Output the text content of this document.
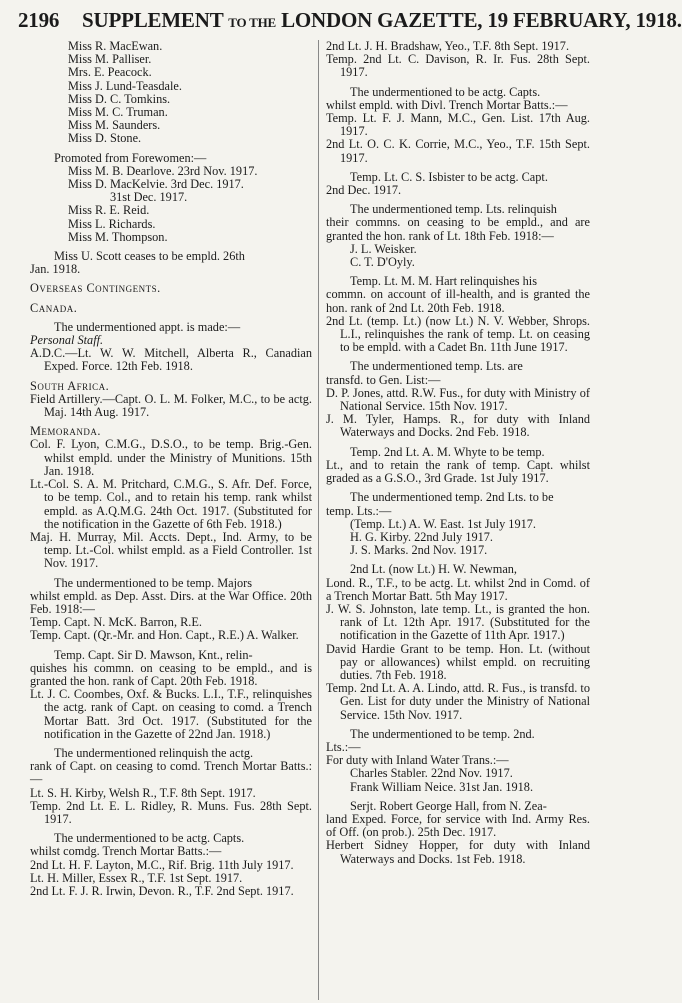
2196 SUPPLEMENT TO THE LONDON GAZETTE, 19 FEBRUARY, 1918.

Miss R. MacEwan.

Miss M. Palliser.

Mrs. E. Peacock.

Miss J. Lund-Teasdale.

Miss D. C. Tomkins.

Miss M. C. Truman.

Miss M. Saunders.

Miss D. Stone.

Promoted from Forewomen:—

Miss M. B. Dearlove. 23rd Nov. 1917.

Miss D. MacKelvie. 3rd Dec. 1917.

31st Dec. 1917.

Miss R. E. Reid.

Miss L. Richards.

Miss M. Thompson.

Miss U. Scott ceases to be empld. 26th

Jan. 1918.

Overseas Contingents.

Canada.

The undermentioned appt. is made:—

Personal Staff.

A.D.C.—Lt. W. W. Mitchell, Alberta R., Canadian Exped. Force. 12th Feb. 1918.

South Africa.

Field Artillery.—Capt. O. L. M. Folker, M.C., to be actg. Maj. 14th Aug. 1917.

Memoranda.

Col. F. Lyon, C.M.G., D.S.O., to be temp. Brig.-Gen. whilst empld. under the Ministry of Munitions. 15th Jan. 1918.

Lt.-Col. S. A. M. Pritchard, C.M.G., S. Afr. Def. Force, to be temp. Col., and to retain his temp. rank whilst empld. as A.Q.M.G. 24th Oct. 1917. (Substituted for the notification in the Gazette of 6th Feb. 1918.)

Maj. H. Murray, Mil. Accts. Dept., Ind. Army, to be temp. Lt.-Col. whilst empld. as a Field Controller. 1st Nov. 1917.

The undermentioned to be temp. Majors

whilst empld. as Dep. Asst. Dirs. at the War Office. 20th Feb. 1918:—

Temp. Capt. N. McK. Barron, R.E.

Temp. Capt. (Qr.-Mr. and Hon. Capt., R.E.) A. Walker.

Temp. Capt. Sir D. Mawson, Knt., relin-

quishes his commn. on ceasing to be empld., and is granted the hon. rank of Capt. 20th Feb. 1918.

Lt. J. C. Coombes, Oxf. & Bucks. L.I., T.F., relinquishes the actg. rank of Capt. on ceasing to comd. a Trench Mortar Batt. 3rd Oct. 1917. (Substituted for the notification in the Gazette of 22nd Jan. 1918.)

The undermentioned relinquish the actg.

rank of Capt. on ceasing to comd. Trench Mortar Batts.:—

Lt. S. H. Kirby, Welsh R., T.F. 8th Sept. 1917.

Temp. 2nd Lt. E. L. Ridley, R. Muns. Fus. 28th Sept. 1917.

The undermentioned to be actg. Capts.

whilst comdg. Trench Mortar Batts.:—

2nd Lt. H. F. Layton, M.C., Rif. Brig. 11th July 1917.

Lt. H. Miller, Essex R., T.F. 1st Sept. 1917.

2nd Lt. F. J. R. Irwin, Devon. R., T.F. 2nd Sept. 1917.

2nd Lt. J. H. Bradshaw, Yeo., T.F. 8th Sept. 1917.

Temp. 2nd Lt. C. Davison, R. Ir. Fus. 28th Sept. 1917.

The undermentioned to be actg. Capts.

whilst empld. with Divl. Trench Mortar Batts.:—

Temp. Lt. F. J. Mann, M.C., Gen. List. 17th Aug. 1917.

2nd Lt. O. C. K. Corrie, M.C., Yeo., T.F. 15th Sept. 1917.

Temp. Lt. C. S. Isbister to be actg. Capt.

2nd Dec. 1917.

The undermentioned temp. Lts. relinquish

their commns. on ceasing to be empld., and are granted the hon. rank of Lt. 18th Feb. 1918:—

J. L. Weisker.

C. T. D'Oyly.

Temp. Lt. M. M. Hart relinquishes his

commn. on account of ill-health, and is granted the hon. rank of 2nd Lt. 20th Feb. 1918.

2nd Lt. (temp. Lt.) (now Lt.) N. V. Webber, Shrops. L.I., relinquishes the rank of temp. Lt. on ceasing to be empld. with a Cadet Bn. 11th June 1917.

The undermentioned temp. Lts. are

transfd. to Gen. List:—

D. P. Jones, attd. R.W. Fus., for duty with Ministry of National Service. 15th Nov. 1917.

J. M. Tyler, Hamps. R., for duty with Inland Waterways and Docks. 2nd Feb. 1918.

Temp. 2nd Lt. A. M. Whyte to be temp.

Lt., and to retain the rank of temp. Capt. whilst graded as a G.S.O., 3rd Grade. 1st July 1917.

The undermentioned temp. 2nd Lts. to be

temp. Lts.:—

(Temp. Lt.) A. W. East. 1st July 1917.

H. G. Kirby. 22nd July 1917.

J. S. Marks. 2nd Nov. 1917.

2nd Lt. (now Lt.) H. W. Newman,

Lond. R., T.F., to be actg. Lt. whilst 2nd in Comd. of a Trench Mortar Batt. 5th May 1917.

J. W. S. Johnston, late temp. Lt., is granted the hon. rank of Lt. 12th Apr. 1917. (Substituted for the notification in the Gazette of 11th Apr. 1917.)

David Hardie Grant to be temp. Hon. Lt. (without pay or allowances) whilst empld. on recruiting duties. 7th Feb. 1918.

Temp. 2nd Lt. A. A. Lindo, attd. R. Fus., is transfd. to Gen. List for duty under the Ministry of National Service. 15th Nov. 1917.

The undermentioned to be temp. 2nd.

Lts.:—

For duty with Inland Water Trans.:—

Charles Stabler. 22nd Nov. 1917.

Frank William Neice. 31st Jan. 1918.

Serjt. Robert George Hall, from N. Zea-

land Exped. Force, for service with Ind. Army Res. of Off. (on prob.). 25th Dec. 1917.

Herbert Sidney Hopper, for duty with Inland Waterways and Docks. 1st Feb. 1918.
